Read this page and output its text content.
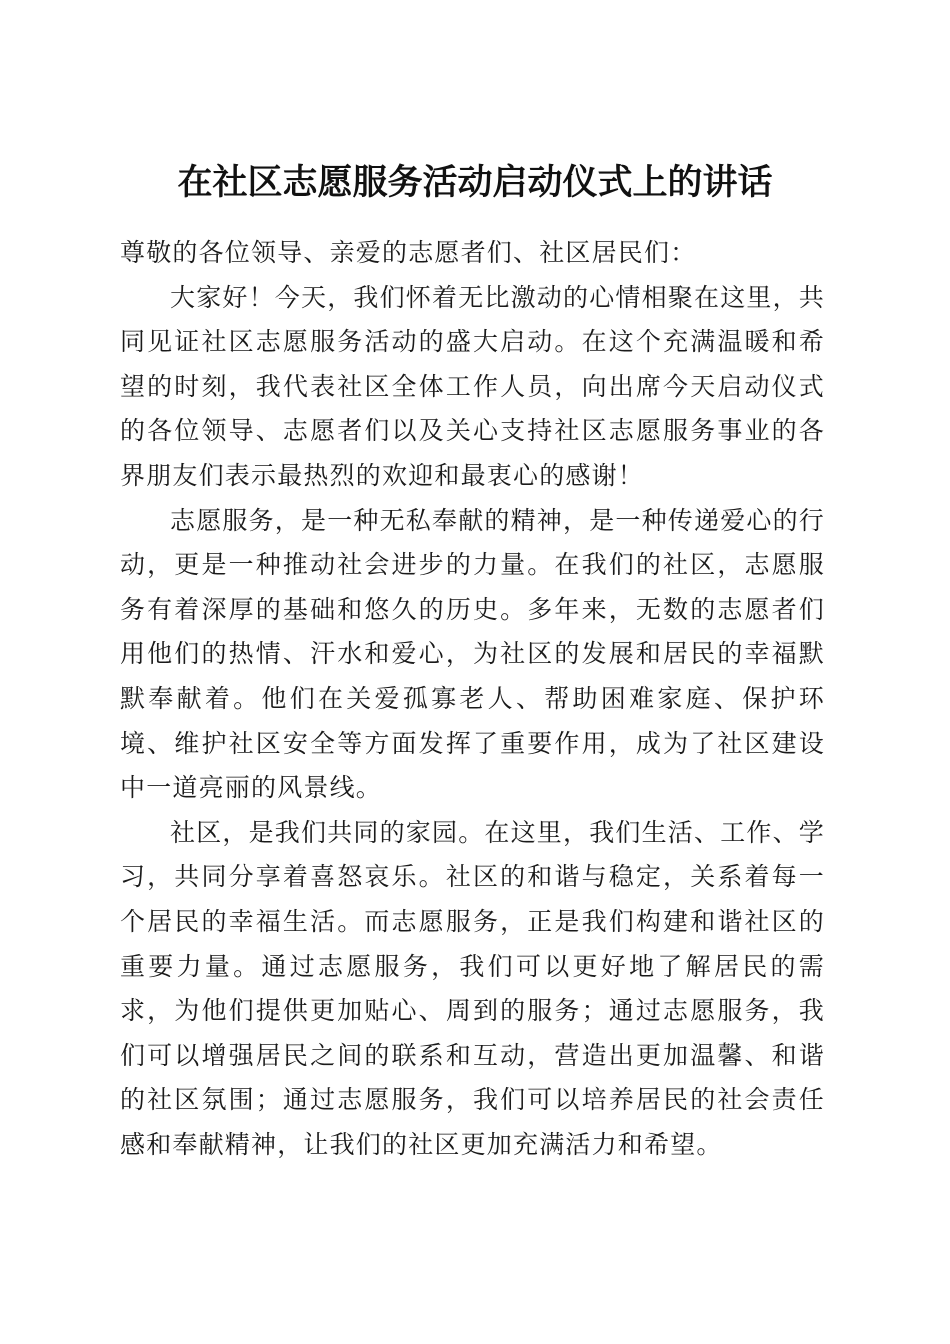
在社区志愿服务活动启动仪式上的讲话

尊敬的各位领导、亲爱的志愿者们、社区居民们：

大家好！今天，我们怀着无比激动的心情相聚在这里，共同见证社区志愿服务活动的盛大启动。在这个充满温暖和希望的时刻，我代表社区全体工作人员，向出席今天启动仪式的各位领导、志愿者们以及关心支持社区志愿服务事业的各界朋友们表示最热烈的欢迎和最衷心的感谢！

志愿服务，是一种无私奉献的精神，是一种传递爱心的行动，更是一种推动社会进步的力量。在我们的社区，志愿服务有着深厚的基础和悠久的历史。多年来，无数的志愿者们用他们的热情、汗水和爱心，为社区的发展和居民的幸福默默奉献着。他们在关爱孤寡老人、帮助困难家庭、保护环境、维护社区安全等方面发挥了重要作用，成为了社区建设中一道亮丽的风景线。

社区，是我们共同的家园。在这里，我们生活、工作、学习，共同分享着喜怒哀乐。社区的和谐与稳定，关系着每一个居民的幸福生活。而志愿服务，正是我们构建和谐社区的重要力量。通过志愿服务，我们可以更好地了解居民的需求，为他们提供更加贴心、周到的服务；通过志愿服务，我们可以增强居民之间的联系和互动，营造出更加温馨、和谐的社区氛围；通过志愿服务，我们可以培养居民的社会责任感和奉献精神，让我们的社区更加充满活力和希望。
